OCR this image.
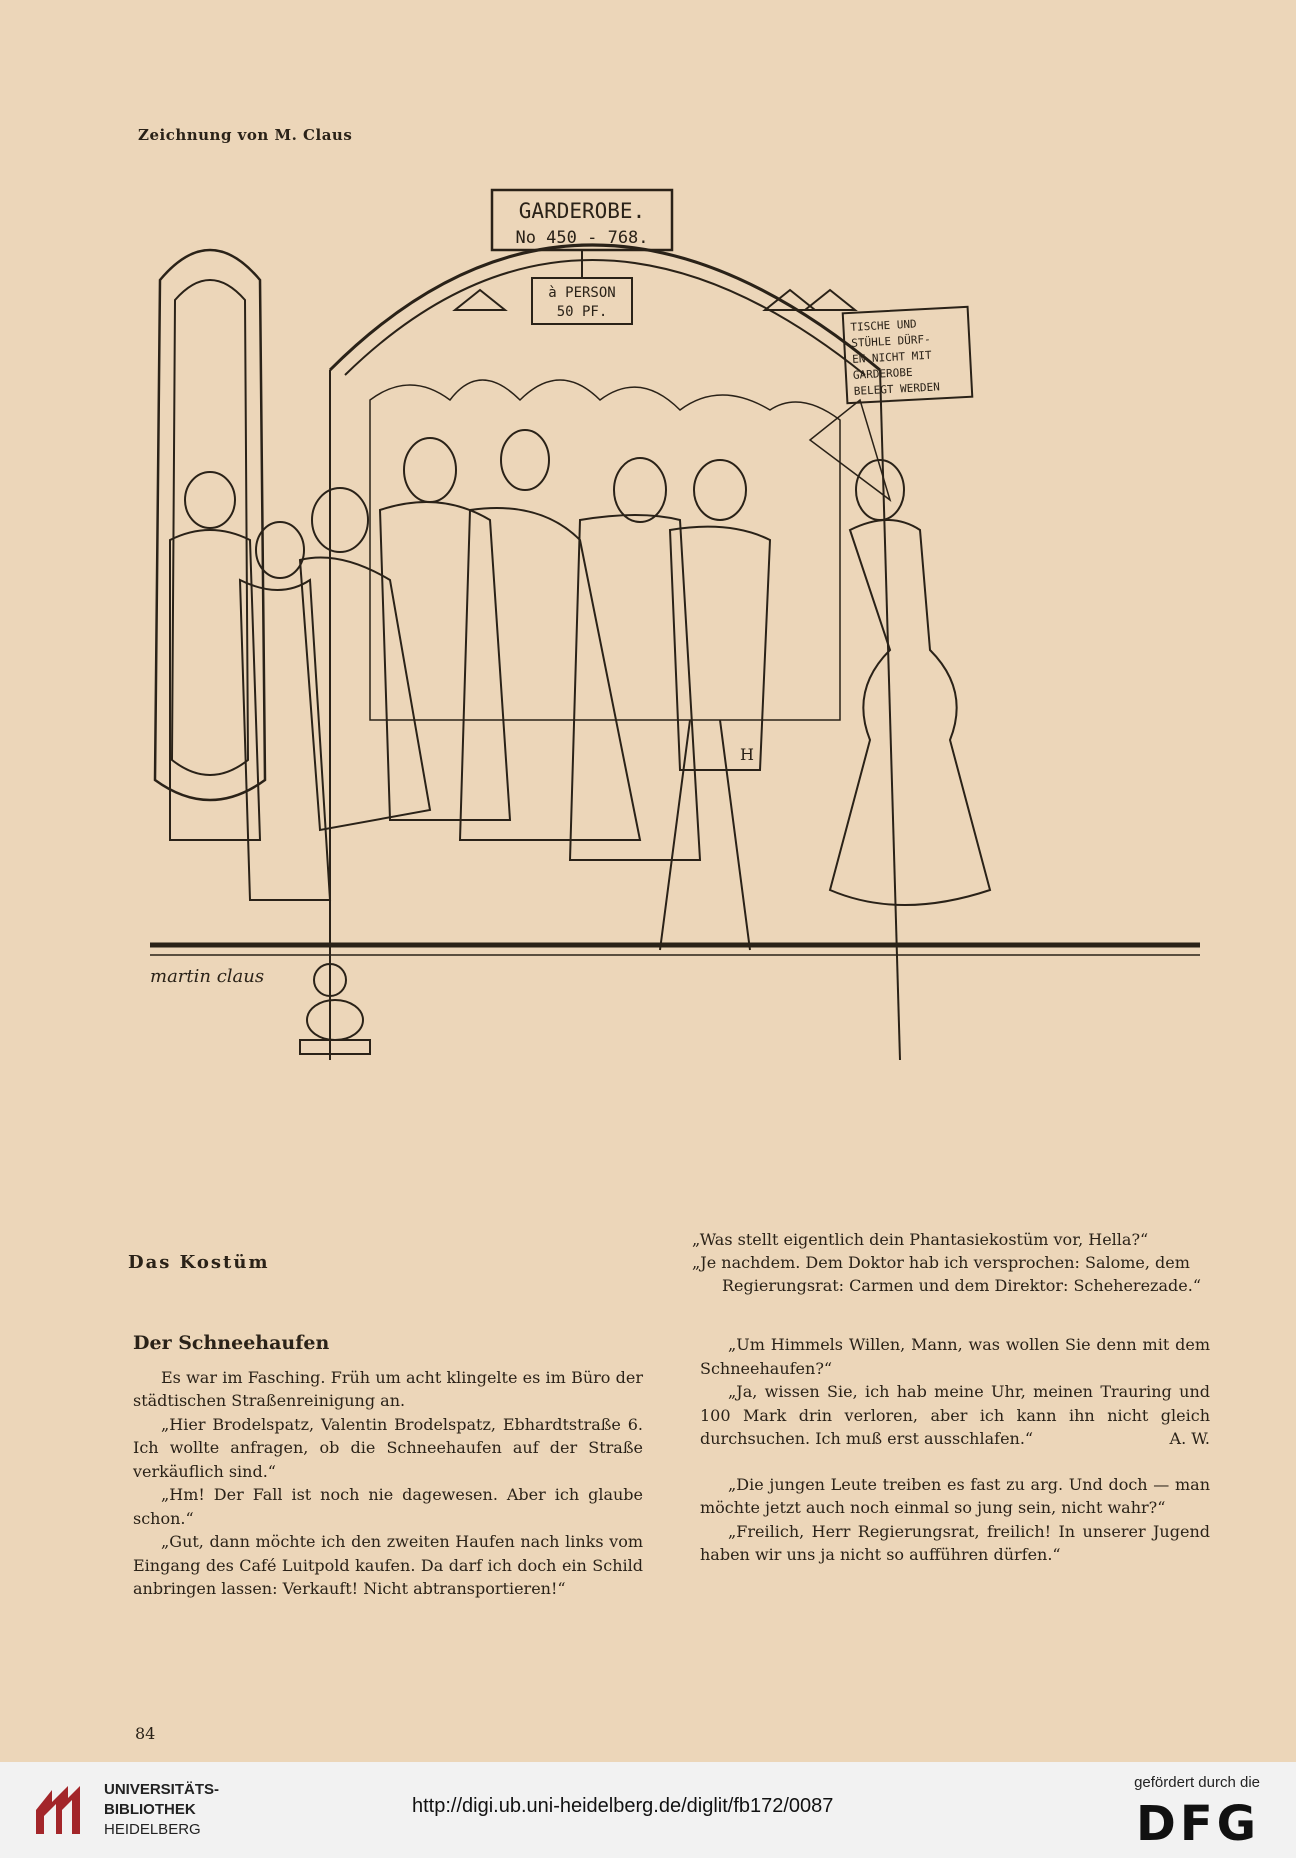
Zeichnung von M. Claus
GARDEROBE.
No 450 - 768.
à PERSON
50 PF.
TISCHE UND STÜHLE DÜRF- EN NICHT MIT GARDEROBE BELEGT WERDEN
martin claus
H
Das Kostüm

„Was stellt eigentlich dein Phantasiekostüm vor, Hella?“

„Je nachdem. Dem Doktor hab ich versprochen: Salome, dem

Regierungsrat: Carmen und dem Direktor: Scheherezade.“

Der Schneehaufen

Es war im Fasching. Früh um acht klingelte es im Büro der städtischen Straßenreinigung an.

„Hier Brodelspatz, Valentin Brodelspatz, Ebhardtstraße 6. Ich wollte anfragen, ob die Schneehaufen auf der Straße verkäuflich sind.“

„Hm! Der Fall ist noch nie dagewesen. Aber ich glaube schon.“

„Gut, dann möchte ich den zweiten Haufen nach links vom Eingang des Café Luitpold kaufen. Da darf ich doch ein Schild anbringen lassen: Verkauft! Nicht abtransportieren!“

„Um Himmels Willen, Mann, was wollen Sie denn mit dem Schneehaufen?“

„Ja, wissen Sie, ich hab meine Uhr, meinen Trauring und 100 Mark drin verloren, aber ich kann ihn nicht gleich durchsuchen. Ich muß erst ausschlafen.“	A. W.

„Die jungen Leute treiben es fast zu arg. Und doch — man möchte jetzt auch noch einmal so jung sein, nicht wahr?“

„Freilich, Herr Regierungsrat, freilich! In unserer Jugend haben wir uns ja nicht so aufführen dürfen.“

84
UNIVERSITÄTS-
BIBLIOTHEK
HEIDELBERG
http://digi.ub.uni-heidelberg.de/diglit/fb172/0087
gefördert durch die
DFG
